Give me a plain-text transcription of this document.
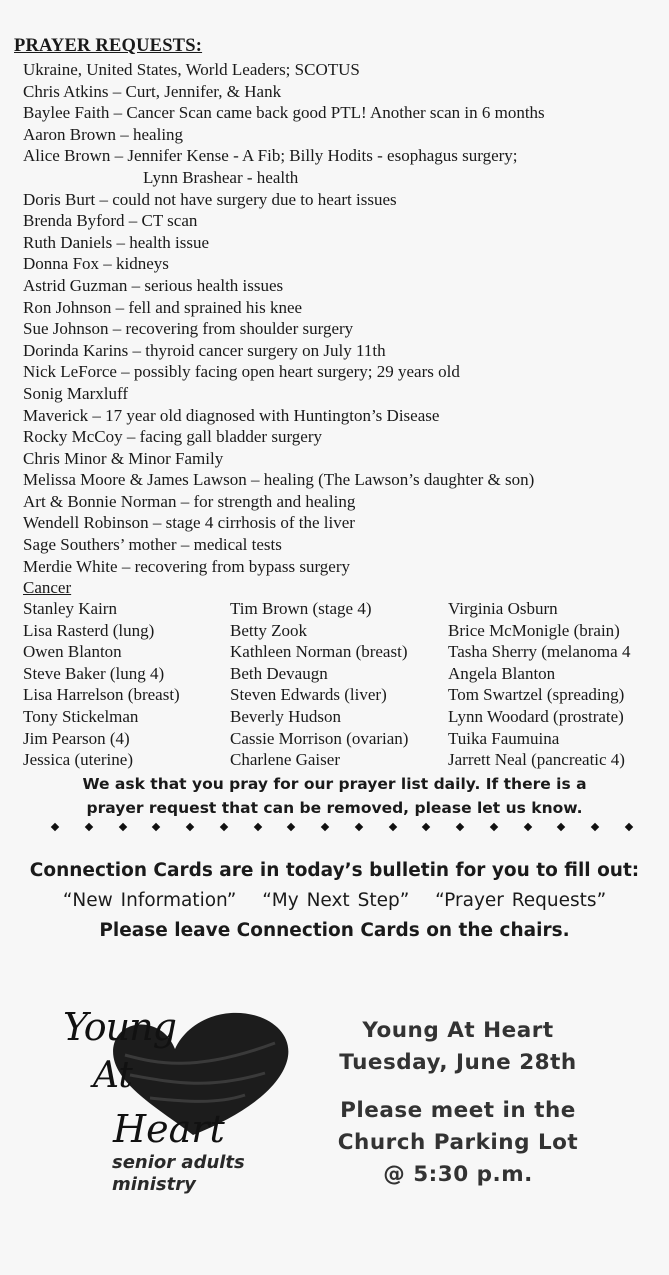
PRAYER REQUESTS:
Ukraine, United States, World Leaders; SCOTUS
Chris Atkins – Curt, Jennifer, & Hank
Baylee Faith – Cancer Scan came back good PTL! Another scan in 6 months
Aaron Brown – healing
Alice Brown – Jennifer Kense - A Fib; Billy Hodits - esophagus surgery;
Lynn Brashear - health
Doris Burt – could not have surgery due to heart issues
Brenda Byford – CT scan
Ruth Daniels – health issue
Donna Fox – kidneys
Astrid Guzman – serious health issues
Ron Johnson – fell and sprained his knee
Sue Johnson – recovering from shoulder surgery
Dorinda Karins – thyroid cancer surgery on July 11th
Nick LeForce – possibly facing open heart surgery; 29 years old
Sonig Marxluff
Maverick – 17 year old diagnosed with Huntington’s Disease
Rocky McCoy – facing gall bladder surgery
Chris Minor & Minor Family
Melissa Moore & James Lawson – healing (The Lawson’s daughter & son)
Art & Bonnie Norman – for strength and healing
Wendell Robinson – stage 4 cirrhosis of the liver
Sage Southers’ mother – medical tests
Merdie White – recovering from bypass surgery
Cancer
Stanley Kairn
Lisa Rasterd (lung)
Owen Blanton
Steve Baker (lung 4)
Lisa Harrelson (breast)
Tony Stickelman
Jim Pearson (4)
Jessica (uterine)
Tim Brown (stage 4)
Betty Zook
Kathleen Norman (breast)
Beth Devaugn
Steven Edwards (liver)
Beverly Hudson
Cassie Morrison (ovarian)
Charlene Gaiser
Virginia Osburn
Brice McMonigle (brain)
Tasha Sherry (melanoma 4
Angela Blanton
Tom Swartzel (spreading)
Lynn Woodard (prostrate)
Tuika Faumuina
Jarrett Neal (pancreatic 4)
We ask that you pray for our prayer list daily. If there is a
prayer request that can be removed, please let us know.
Connection Cards are in today’s bulletin for you to fill out:
“New Information” “My Next Step” “Prayer Requests”
Please leave Connection Cards on the chairs.
Young
At
Heart
senior adults
ministry
Young At Heart
Tuesday, June 28th
Please meet in the
Church Parking Lot
@ 5:30 p.m.
